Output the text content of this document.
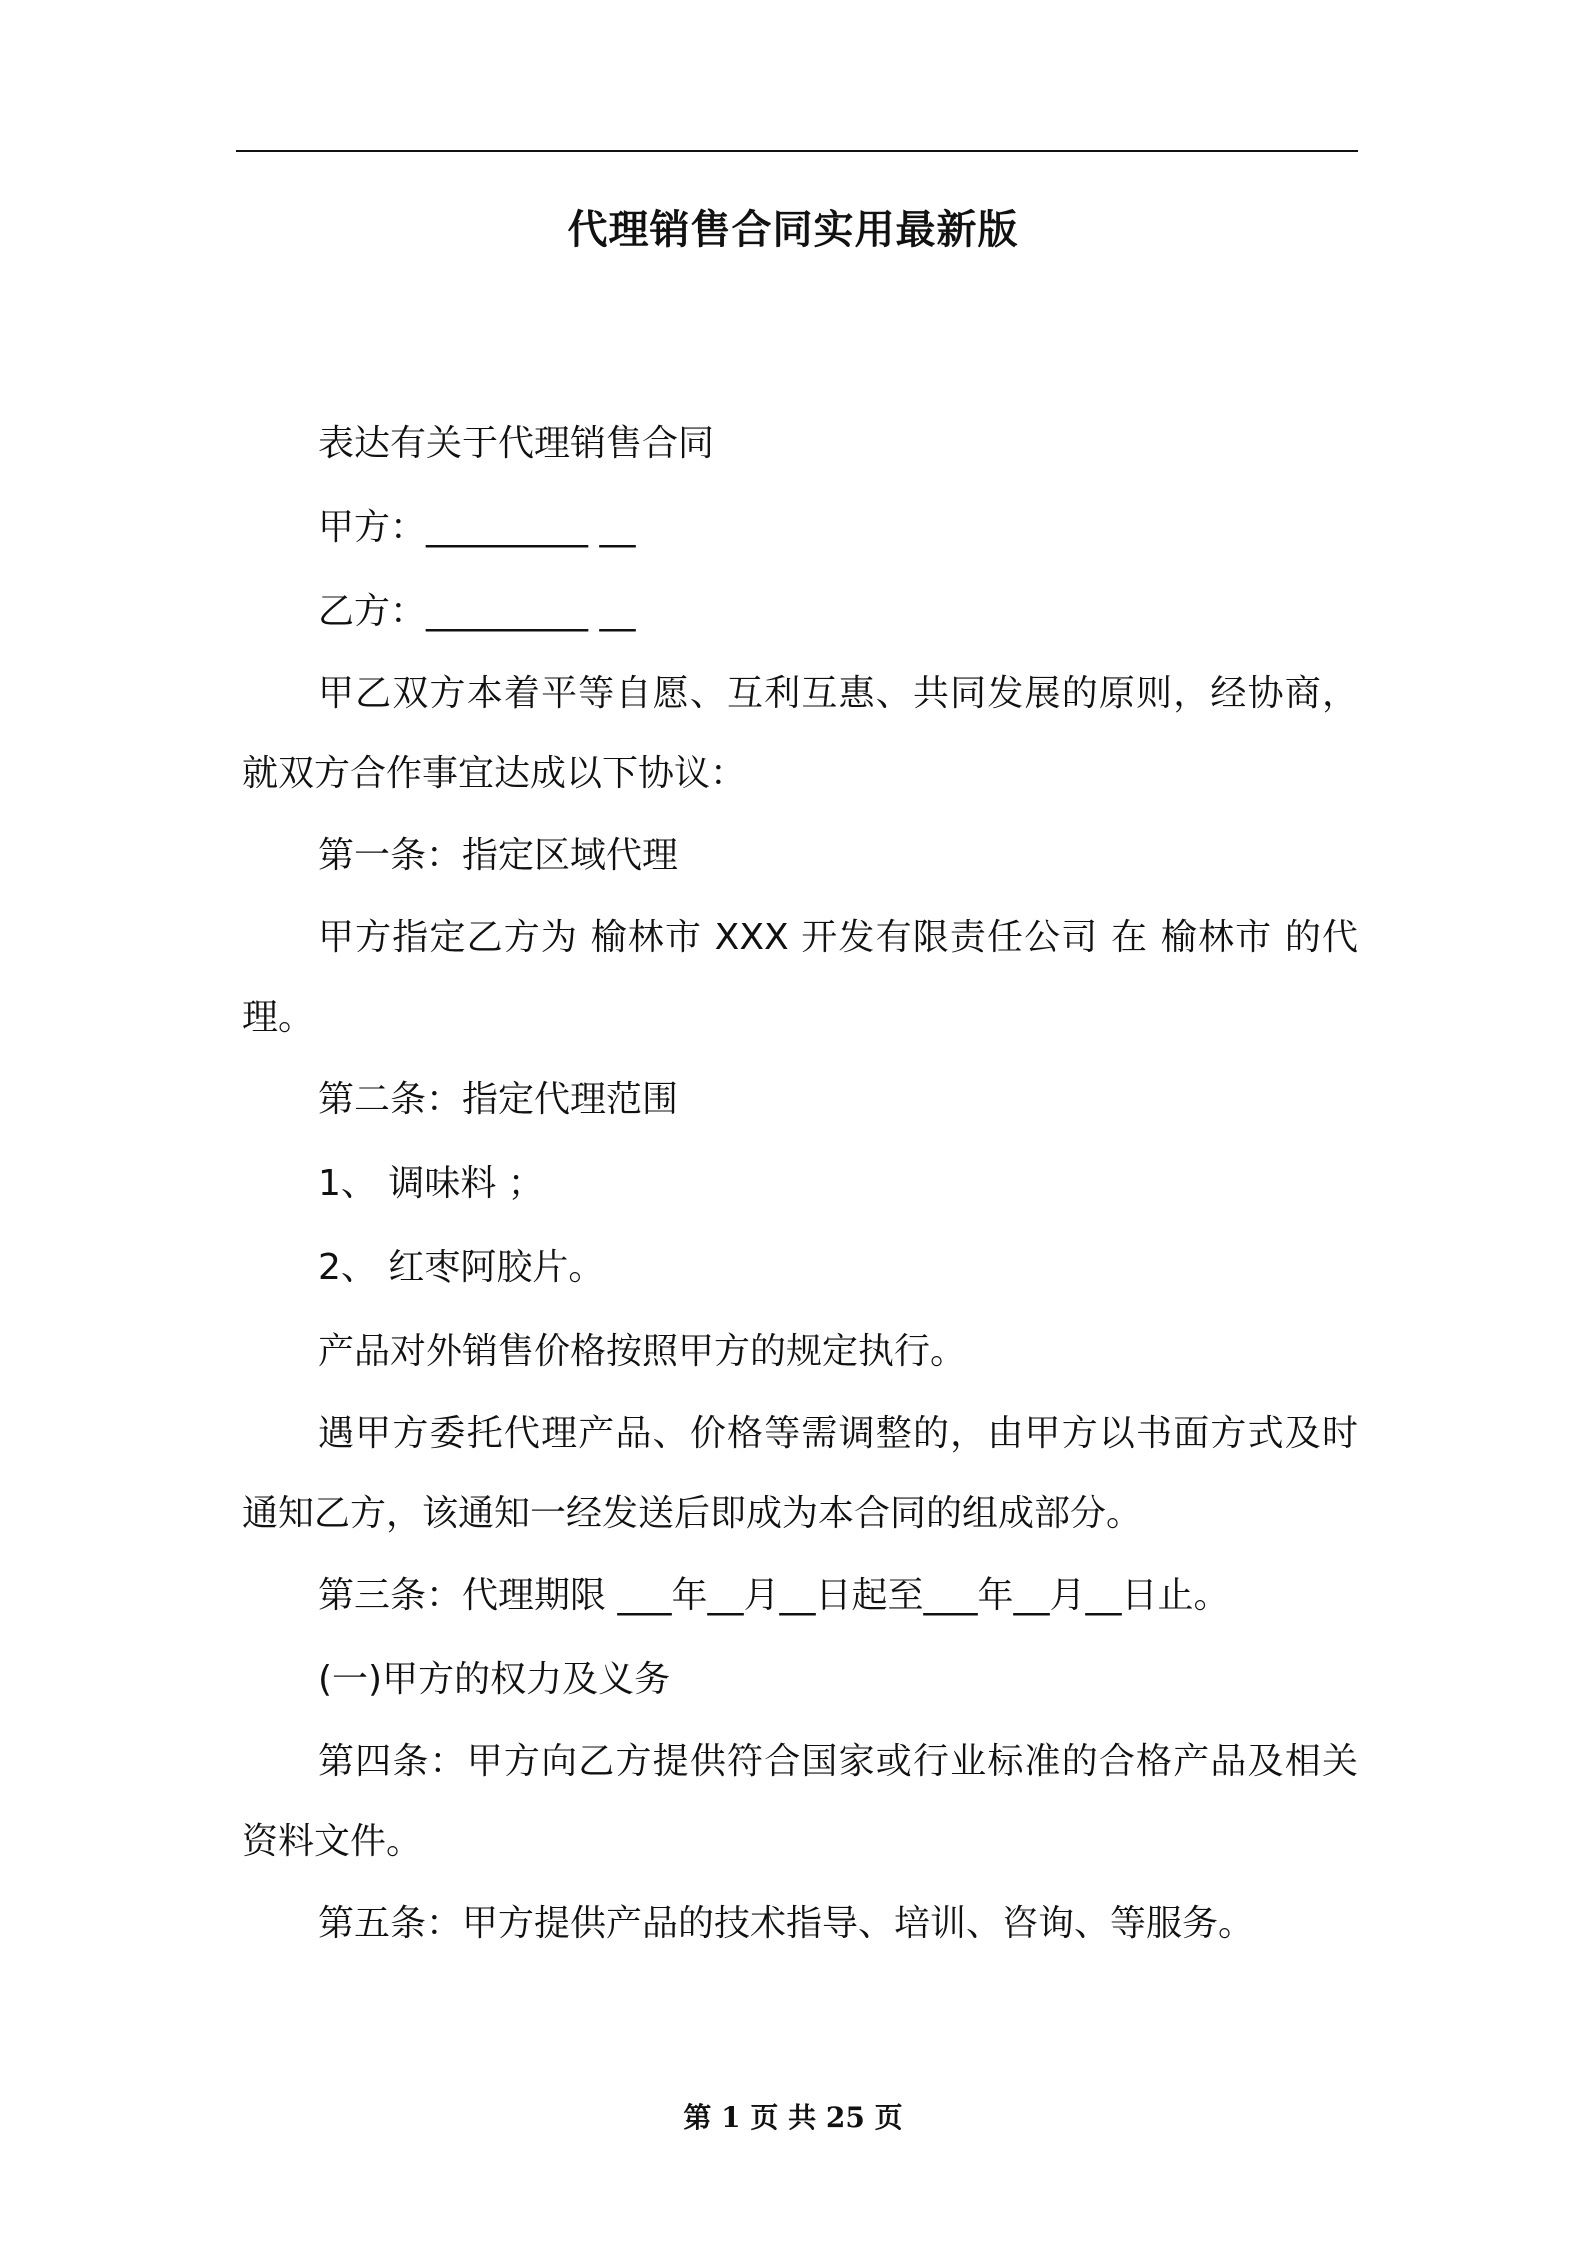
代理销售合同实用最新版

表达有关于代理销售合同

甲方：_________ __

乙方：_________ __

甲乙双方本着平等自愿、互利互惠、共同发展的原则，经协商，就双方合作事宜达成以下协议：

第一条：指定区域代理

甲方指定乙方为 榆林市 XXX 开发有限责任公司 在 榆林市 的代理。

第二条：指定代理范围

1、 调味料 ；

2、 红枣阿胶片。

产品对外销售价格按照甲方的规定执行。

遇甲方委托代理产品、价格等需调整的，由甲方以书面方式及时通知乙方，该通知一经发送后即成为本合同的组成部分。

第三条：代理期限 ___年__月__日起至___年__月__日止。

(一)甲方的权力及义务

第四条：甲方向乙方提供符合国家或行业标准的合格产品及相关资料文件。

第五条：甲方提供产品的技术指导、培训、咨询、等服务。

第 1 页 共 25 页
